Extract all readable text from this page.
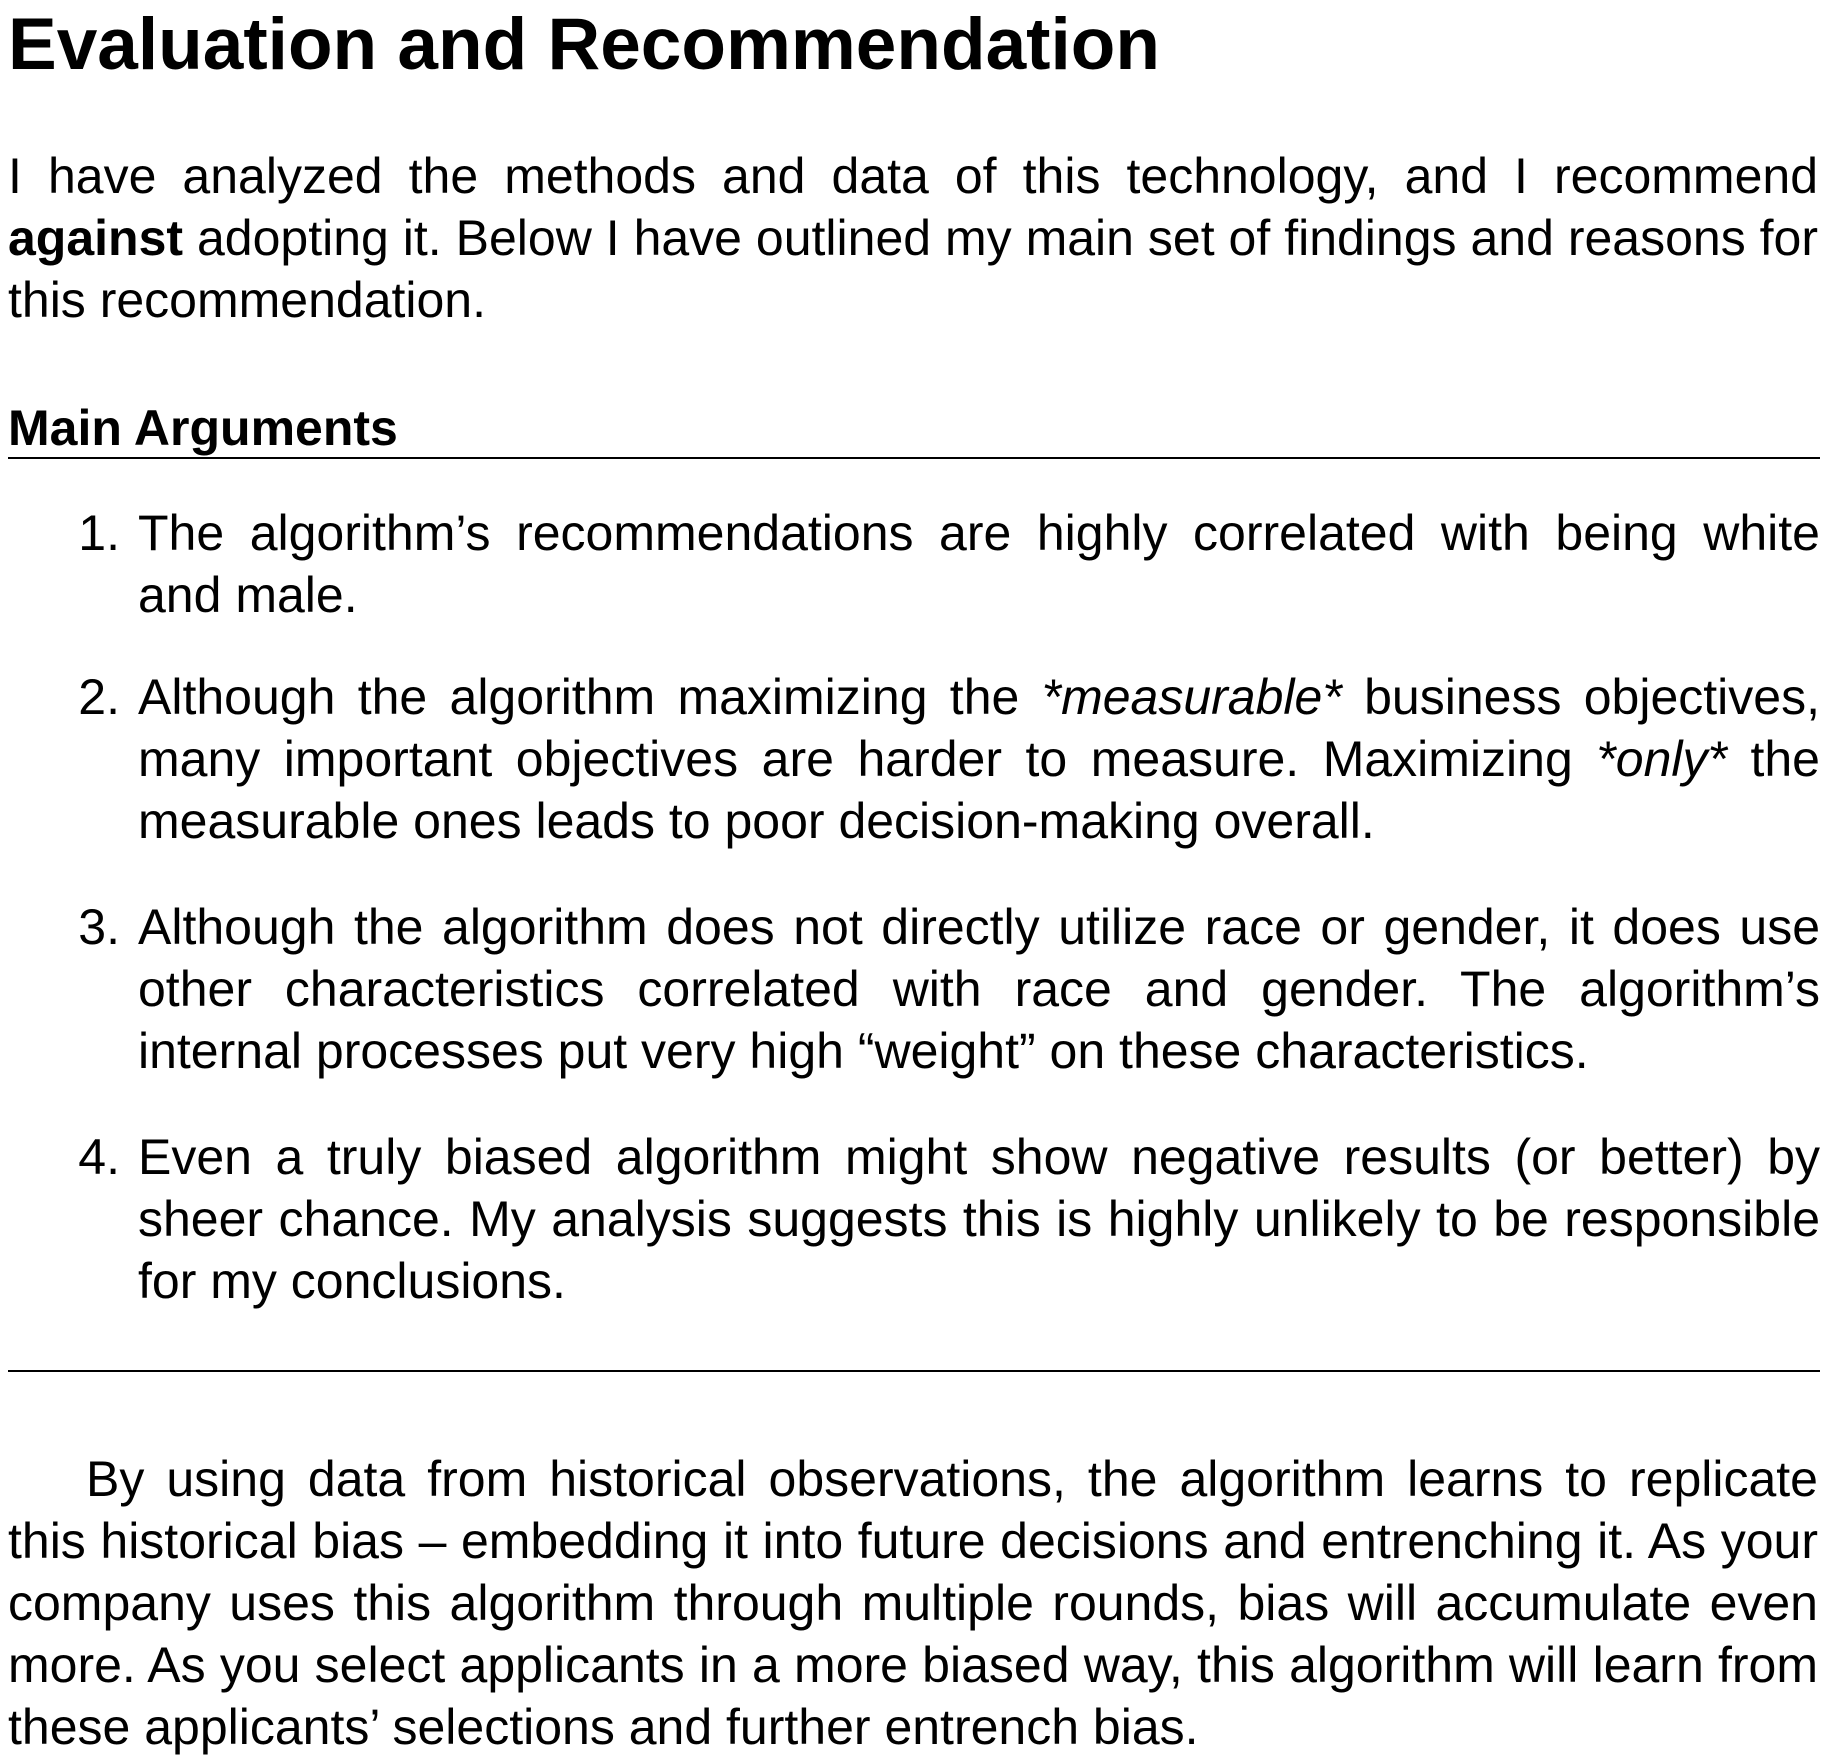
Evaluation and Recommendation

I have analyzed the methods and data of this technology, and I recommend against adopting it. Below I have outlined my main set of findings and reasons for this recommendation.

Main Arguments
1. The algorithm’s recommendations are highly correlated with being white and male.

2. Although the algorithm maximizing the *measurable* business objectives, many important objectives are harder to measure. Maximizing *only* the measurable ones leads to poor decision-making overall.

3. Although the algorithm does not directly utilize race or gender, it does use other characteristics correlated with race and gender. The algorithm’s internal processes put very high “weight” on these characteristics.

4. Even a truly biased algorithm might show negative results (or better) by sheer chance. My analysis suggests this is highly unlikely to be responsible for my conclusions.

By using data from historical observations, the algorithm learns to replicate this historical bias – embedding it into future decisions and entrenching it. As your company uses this algorithm through multiple rounds, bias will accumulate even more. As you select applicants in a more biased way, this algorithm will learn from these applicants’ selections and further entrench bias.
